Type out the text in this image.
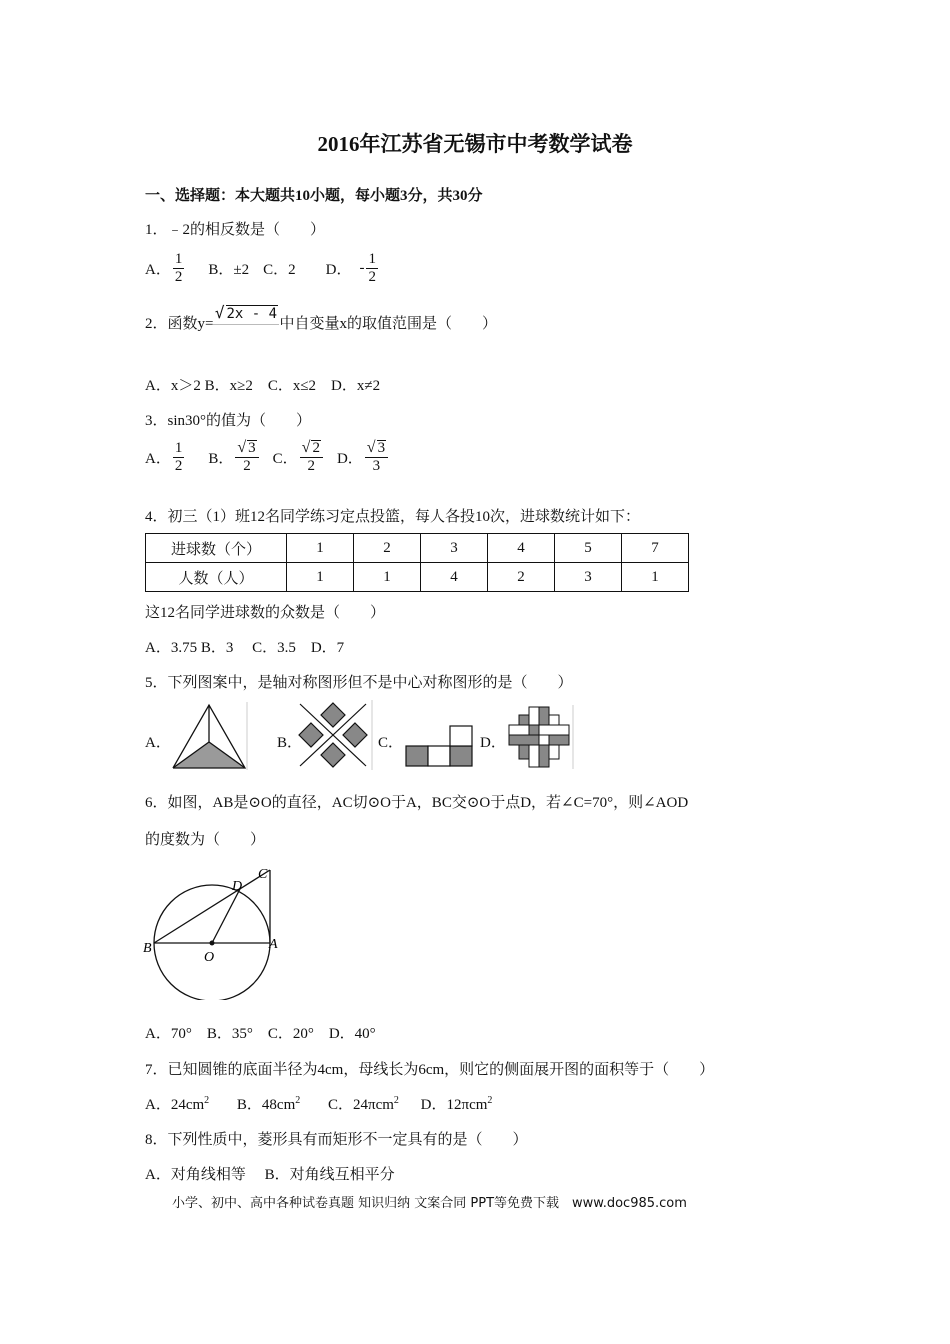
2016年江苏省无锡市中考数学试卷
一、选择题：本大题共10小题，每小题3分，共30分
1．﹣2的相反数是（　　）
A． $\frac{1}{2}$ B．±2 C．2 D． - $\frac{1}{2}$
2．函数y=
√ 2x - 4
中自变量x的取值范围是（　　）
A．x＞2 B．x≥2　C．x≤2　D．x≠2
3．sin30°的值为（　　）
A． $\frac{1}{2}$ B． $\frac{√ 3}{2}$ C． $\frac{√ 2}{2}$ D． $\frac{√ 3}{3}$
4．初三（1）班12名同学练习定点投篮，每人各投10次，进球数统计如下：
进球数（个）	1	2	3	4	5	7
人数（人）	1	1	4	2	3	1
这12名同学进球数的众数是（　　）
A．3.75 B．3　 C．3.5　D．7
5．下列图案中，是轴对称图形但不是中心对称图形的是（　　）
A．	B．	C．	D．
6．如图，AB是⊙O的直径，AC切⊙O于A，BC交⊙O于点D，若∠C=70°，则∠AOD
的度数为（　　）
B	A
C
D
O
A．70°　B．35°　C．20°　D．40°
7．已知圆锥的底面半径为4cm，母线长为6cm，则它的侧面展开图的面积等于（　　）
A．$24cm^2$ B．$48cm^2$ C．24πcm$^2$ D．12πcm$^2$
8．下列性质中，菱形具有而矩形不一定具有的是（　　）
A．对角线相等　 B．对角线互相平分
小学、初中、高中各种试卷真题 知识归纳 文案合同 PPT等免费下载　www.doc985.com
